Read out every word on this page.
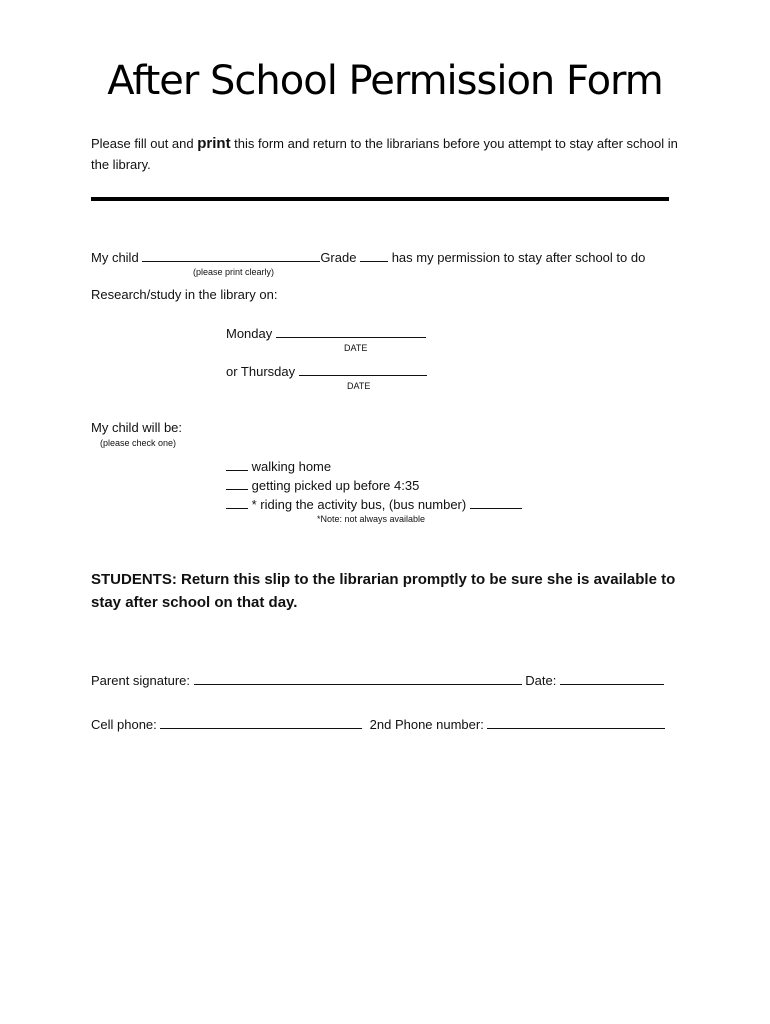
After School Permission Form
Please fill out and print this form and return to the librarians before you attempt to stay after school in the library.
My child	Grade	has my permission to stay after school to do
(please print clearly)
Research/study in the library on:
Monday
DATE
or Thursday
DATE
My child will be:
(please check one)
walking home
getting picked up before 4:35
* riding the activity bus, (bus number)
*Note: not always available
STUDENTS: Return this slip to the librarian promptly to be sure she is available to stay after school on that day.
Parent signature:	Date:
Cell phone:	2nd Phone number:
